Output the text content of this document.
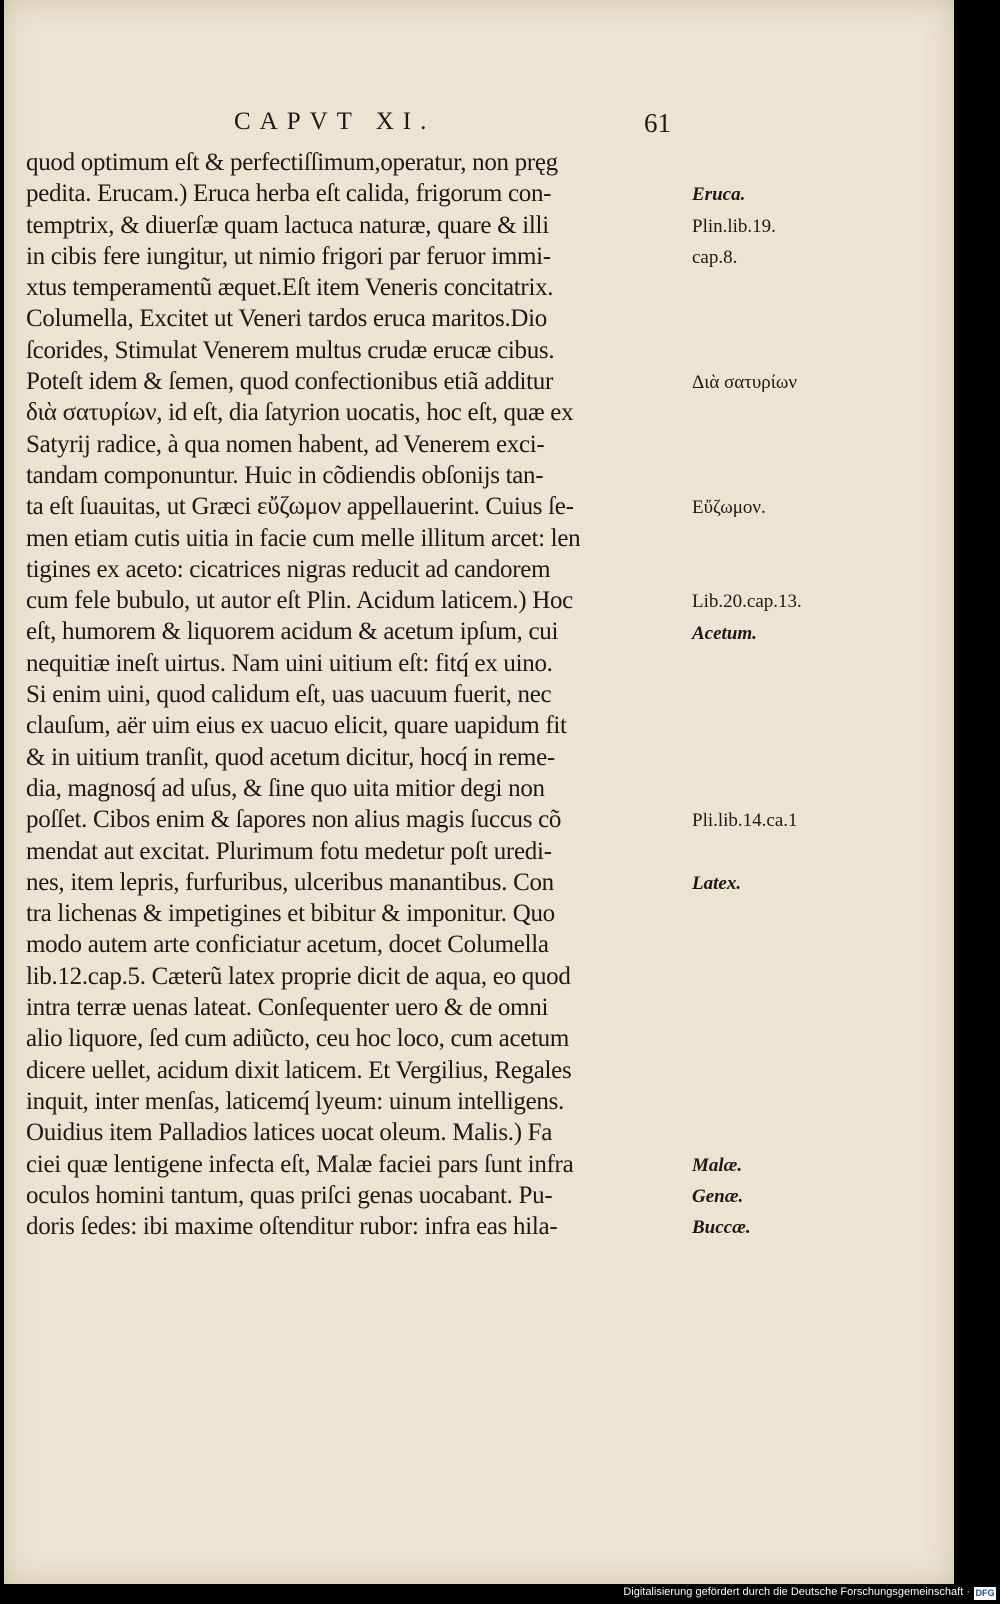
CAPVT XI.	61
quod optimum eſt & perfectiſſimum,operatur, non pręg
pedita. Erucam.) Eruca herba eſt calida, frigorum con-
temptrix, & diuerſæ quam lactuca naturæ, quare & illi
in cibis fere iungitur, ut nimio frigori par feruor immi-
xtus temperamentũ æquet.Eſt item Veneris concitatrix.
Columella, Excitet ut Veneri tardos eruca maritos.Dio
ſcorides, Stimulat Venerem multus crudæ erucæ cibus.
Poteſt idem & ſemen, quod confectionibus etiã additur
διὰ σατυρίων, id eſt, dia ſatyrion uocatis, hoc eſt, quæ ex
Satyrij radice, à qua nomen habent, ad Venerem exci-
tandam componuntur. Huic in cõdiendis obſonijs tan-
ta eſt ſuauitas, ut Græci εὔζωμον appellauerint. Cuius ſe-
men etiam cutis uitia in facie cum melle illitum arcet: len
tigines ex aceto: cicatrices nigras reducit ad candorem
cum fele bubulo, ut autor eſt Plin. Acidum laticem.) Hoc
eſt, humorem & liquorem acidum & acetum ipſum, cui
nequitiæ ineſt uirtus. Nam uini uitium eſt: fitq́ ex uino.
Si enim uini, quod calidum eſt, uas uacuum fuerit, nec
clauſum, aër uim eius ex uacuo elicit, quare uapidum fit
& in uitium tranſit, quod acetum dicitur, hocq́ in reme-
dia, magnosq́ ad uſus, & ſine quo uita mitior degi non
poſſet. Cibos enim & ſapores non alius magis ſuccus cõ
mendat aut excitat. Plurimum fotu medetur poſt uredi-
nes, item lepris, furfuribus, ulceribus manantibus. Con
tra lichenas & impetigines et bibitur & imponitur. Quo
modo autem arte conficiatur acetum, docet Columella
lib.12.cap.5. Cæterũ latex proprie dicit de aqua, eo quod
intra terræ uenas lateat. Conſequenter uero & de omni
alio liquore, ſed cum adiũcto, ceu hoc loco, cum acetum
dicere uellet, acidum dixit laticem. Et Vergilius, Regales
inquit, inter menſas, laticemq́ lyeum: uinum intelligens.
Ouidius item Palladios latices uocat oleum. Malis.) Fa
ciei quæ lentigene infecta eſt, Malæ faciei pars ſunt infra
oculos homini tantum, quas priſci genas uocabant. Pu-
doris ſedes: ibi maxime oſtenditur rubor: infra eas hila-
Eruca.
Plin.lib.19.
cap.8.
Διὰ σατυρίων
Εὔζωμον.
Lib.20.cap.13.
Acetum.
Pli.lib.14.ca.1
Latex.
Malæ.
Genæ.
Buccæ.
Digitalisierung gefördert durch die Deutsche Forschungsgemeinschaft · DFG
